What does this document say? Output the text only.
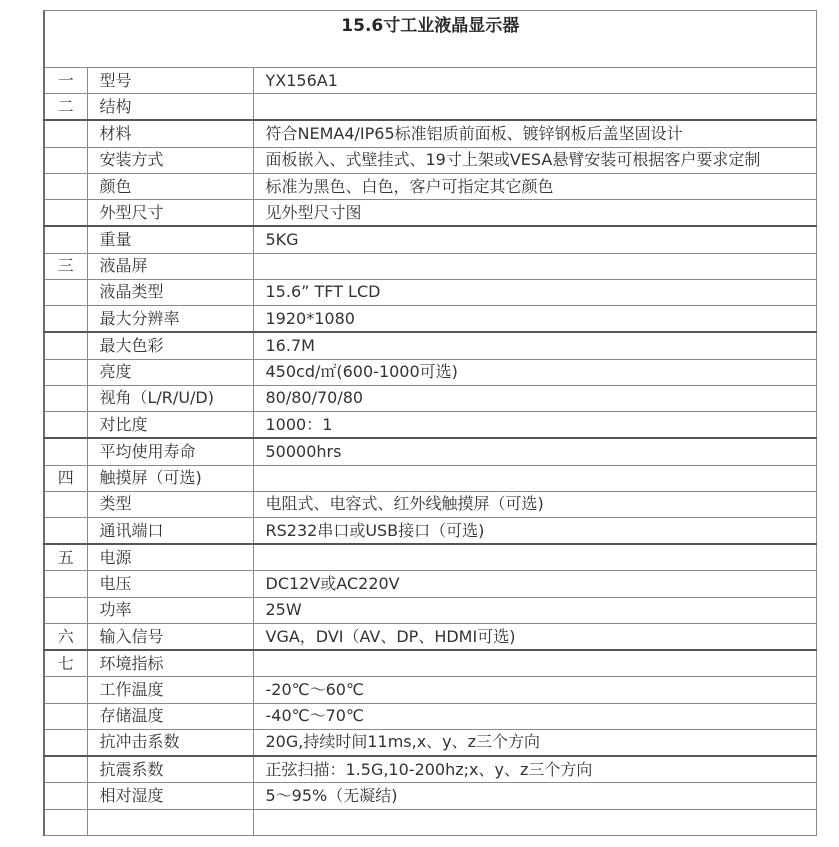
15.6寸工业液晶显示器		
一	型号	YX156A1
二	结构	
	材料	符合NEMA4/IP65标准铝质前面板、镀锌钢板后盖坚固设计
	安装方式	面板嵌入、式壁挂式、19寸上架或VESA悬臂安装可根据客户要求定制
	颜色	标准为黑色、白色，客户可指定其它颜色
	外型尺寸	见外型尺寸图
	重量	5KG
三	液晶屏	
	液晶类型	15.6” TFT LCD
	最大分辨率	1920*1080
	最大色彩	16.7M
	亮度	450cd/㎡(600-1000可选)
	视角（L/R/U/D)	80/80/70/80
	对比度	1000：1
	平均使用寿命	50000hrs
四	触摸屏（可选)	
	类型	电阻式、电容式、红外线触摸屏（可选)
	通讯端口	RS232串口或USB接口（可选)
五	电源	
	电压	DC12V或AC220V
	功率	25W
六	输入信号	VGA，DVI（AV、DP、HDMI可选)
七	环境指标	
	工作温度	-20℃～60℃
	存储温度	-40℃～70℃
	抗冲击系数	20G,持续时间11ms,x、y、z三个方向
	抗震系数	正弦扫描：1.5G,10-200hz;x、y、z三个方向
	相对湿度	5～95%（无凝结)
